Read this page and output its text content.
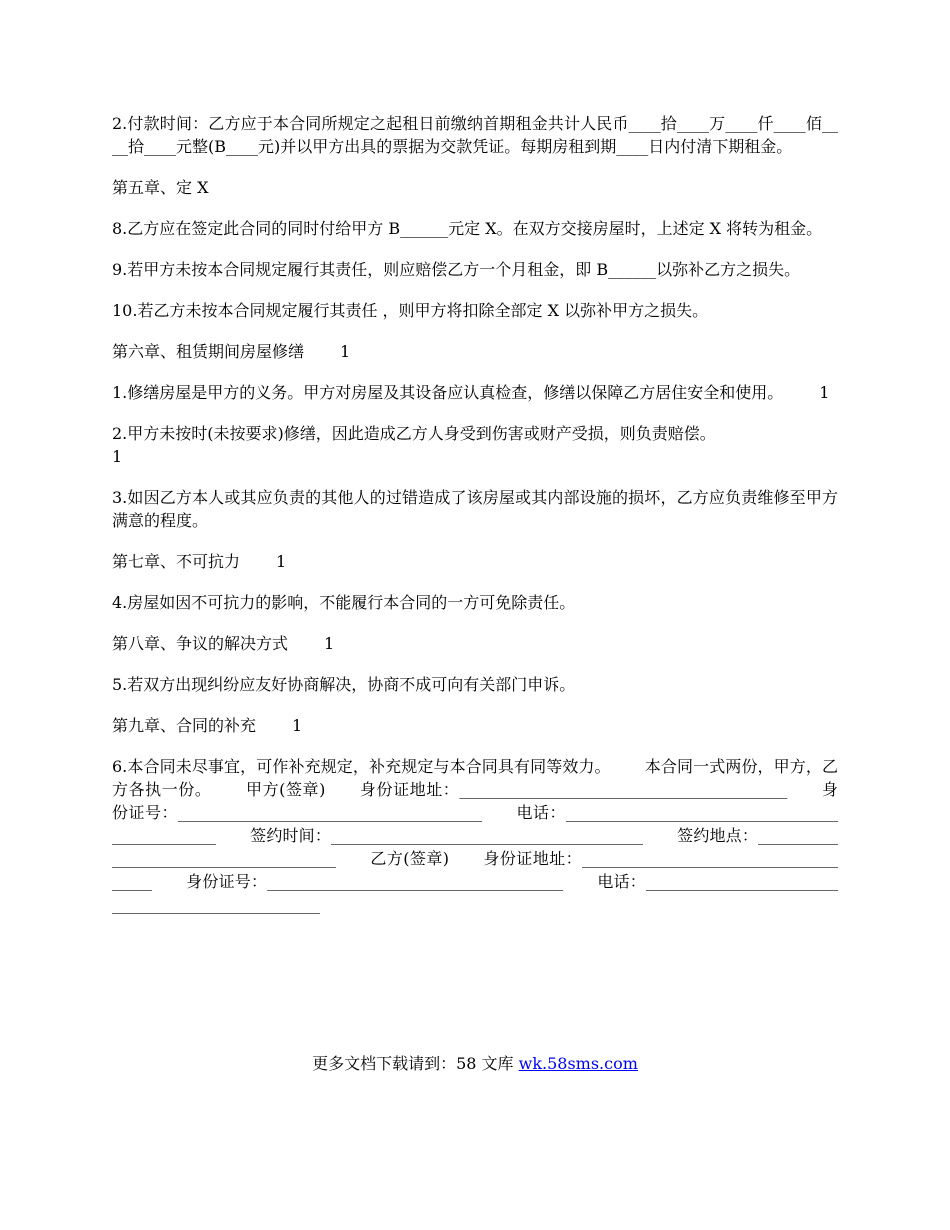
2.付款时间：乙方应于本合同所规定之起租日前缴纳首期租金共计人民币____拾____万____仟____佰____拾____元整(B____元)并以甲方出具的票据为交款凭证。每期房租到期____日内付清下期租金。

第五章、定 X

8.乙方应在签定此合同的同时付给甲方 B______元定 X。在双方交接房屋时，上述定 X 将转为租金。

9.若甲方未按本合同规定履行其责任，则应赔偿乙方一个月租金，即 B______以弥补乙方之损失。

10.若乙方未按本合同规定履行其责任 ，则甲方将扣除全部定 X 以弥补甲方之损失。

第六章、租赁期间房屋修缮 1

1.修缮房屋是甲方的义务。甲方对房屋及其设备应认真检查，修缮以保障乙方居住安全和使用。 1

2.甲方未按时(未按要求)修缮，因此造成乙方人身受到伤害或财产受损，则负责赔偿。
1

3.如因乙方本人或其应负责的其他人的过错造成了该房屋或其内部设施的损坏，乙方应负责维修至甲方满意的程度。

第七章、不可抗力 1

4.房屋如因不可抗力的影响，不能履行本合同的一方可免除责任。

第八章、争议的解决方式 1

5.若双方出现纠纷应友好协商解决，协商不成可向有关部门申诉。

第九章、合同的补充 1

6.本合同未尽事宜，可作补充规定，补充规定与本合同具有同等效力。 本合同一式两份，甲方，乙方各执一份。 甲方(签章) 身份证地址：_________________________________________ 身份证号：______________________________________ 电话：_______________________________________________ 签约时间：_______________________________________ 签约地点：______________________________________ 乙方(签章) 身份证地址：_____________________________________ 身份证号：_____________________________________ 电话：__________________________________________________

更多文档下载请到：58 文库 wk.58sms.com
